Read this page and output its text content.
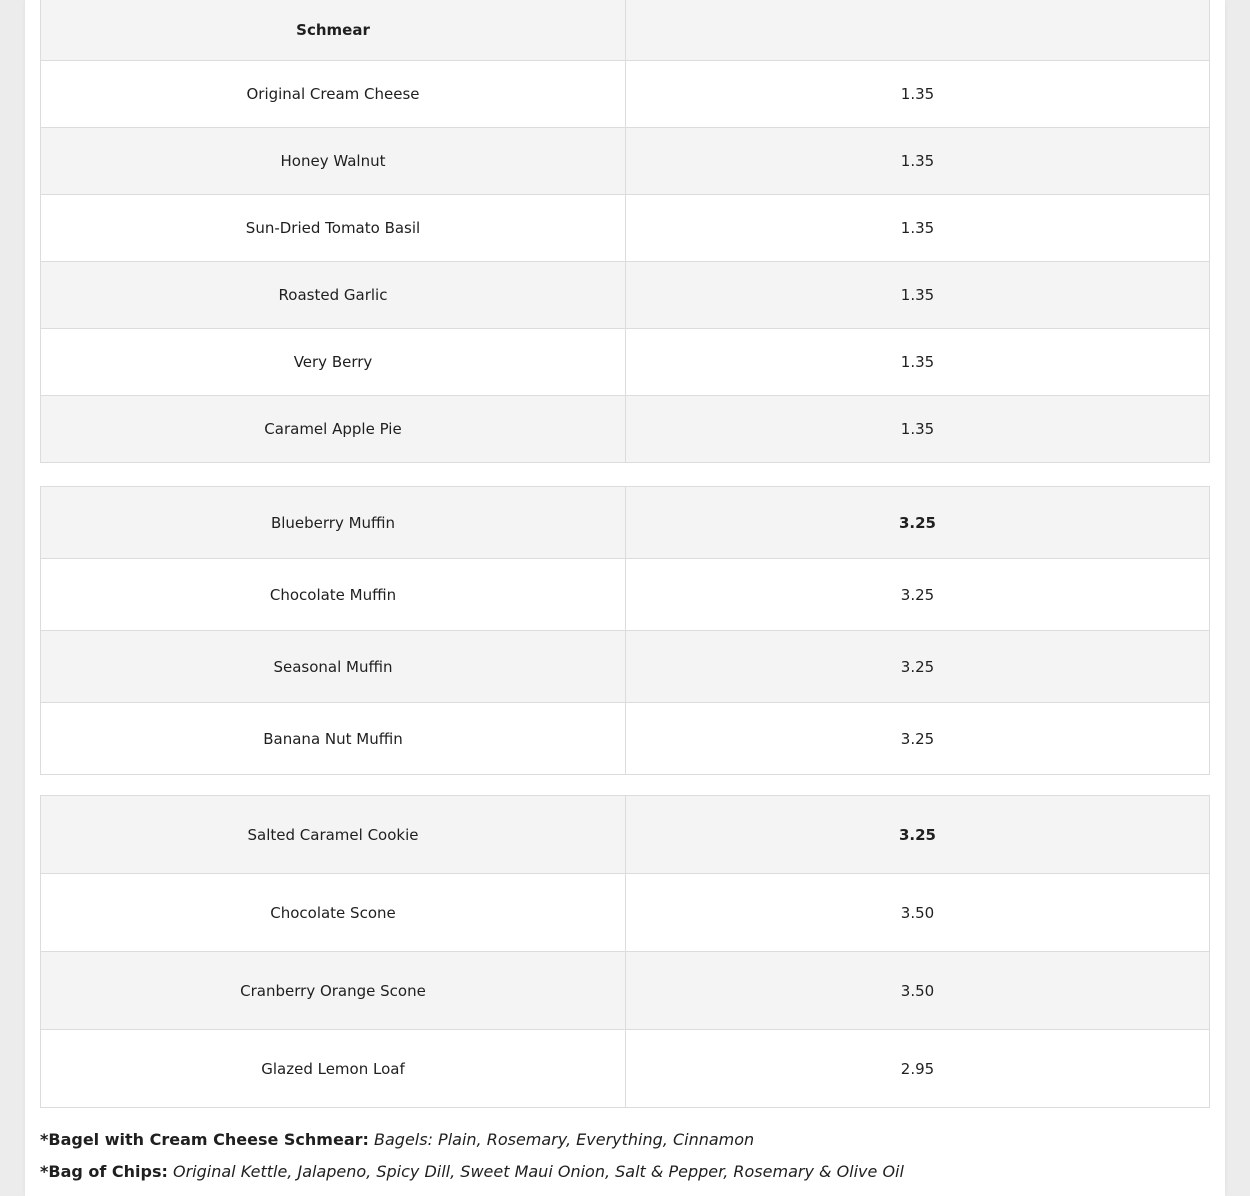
Schmear	
Original Cream Cheese	1.35
Honey Walnut	1.35
Sun-Dried Tomato Basil	1.35
Roasted Garlic	1.35
Very Berry	1.35
Caramel Apple Pie	1.35
Blueberry Muffin	3.25
Chocolate Muffin	3.25
Seasonal Muffin	3.25
Banana Nut Muffin	3.25
Salted Caramel Cookie	3.25
Chocolate Scone	3.50
Cranberry Orange Scone	3.50
Glazed Lemon Loaf	2.95
*Bagel with Cream Cheese Schmear: Bagels: Plain, Rosemary, Everything, Cinnamon
*Bag of Chips: Original Kettle, Jalapeno, Spicy Dill, Sweet Maui Onion, Salt & Pepper, Rosemary & Olive Oil
